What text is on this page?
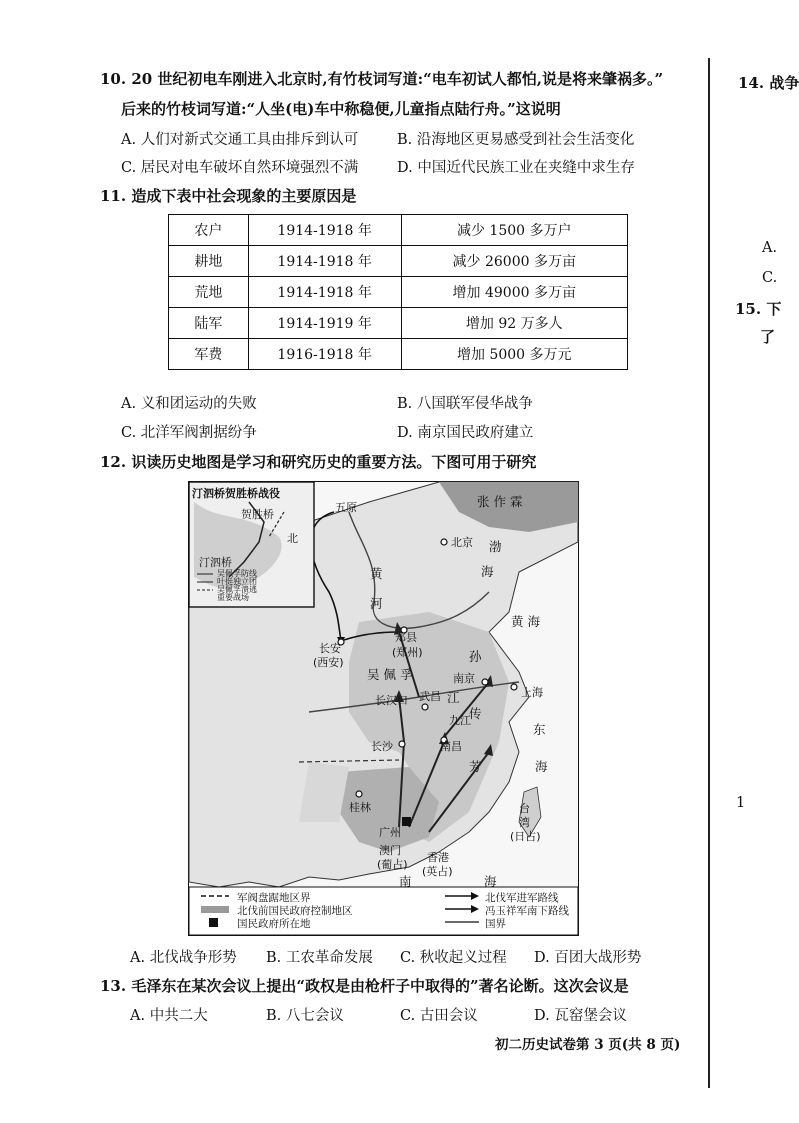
14. 战争
A.
C.
15. 下
了
1
10. 20 世纪初电车刚进入北京时,有竹枝词写道:“电车初试人都怕,说是将来肇祸多。”
后来的竹枝词写道:“人坐(电)车中称稳便,儿童指点陆行舟。”这说明
A. 人们对新式交通工具由排斥到认可	B. 沿海地区更易感受到社会生活变化
C. 居民对电车破坏自然环境强烈不满	D. 中国近代民族工业在夹缝中求生存
11. 造成下表中社会现象的主要原因是
农户	1914-1918 年	减少 1500 多万户
耕地	1914-1918 年	减少 26000 多万亩
荒地	1914-1918 年	增加 49000 多万亩
陆军	1914-1919 年	增加 92 万多人
军费	1916-1918 年	增加 5000 多万元
A. 义和团运动的失败	B. 八国联军侵华战争
C. 北洋军阀割据纷争	D. 南京国民政府建立
12. 识读历史地图是学习和研究历史的重要方法。下图可用于研究
汀泗桥贺胜桥战役
贺胜桥
汀泗桥
北
吴佩孚防线
叶挺独立团
吴佩孚溃逃
重要战场
五原	张 作 霖
北京 渤
海
黄
河
黄 海
长安
(西安)
郑县
(郑州)	孙
吴 佩 孚	南京
上海
长汉口 武昌 江
传
九江
东
长沙	南昌
芳	海
桂林	台
湾
(日占)
广州
澳门
(葡占)
香港
(英占)
南	海
军阀盘踞地区界
北伐前国民政府控制地区
国民政府所在地
北伐军进军路线
冯玉祥军南下路线
国界
A. 北伐战争形势 B. 工农革命发展 C. 秋收起义过程 D. 百团大战形势
13. 毛泽东在某次会议上提出“政权是由枪杆子中取得的”著名论断。这次会议是
A. 中共二大	B. 八七会议	C. 古田会议	D. 瓦窑堡会议
初二历史试卷第 3 页(共 8 页)
